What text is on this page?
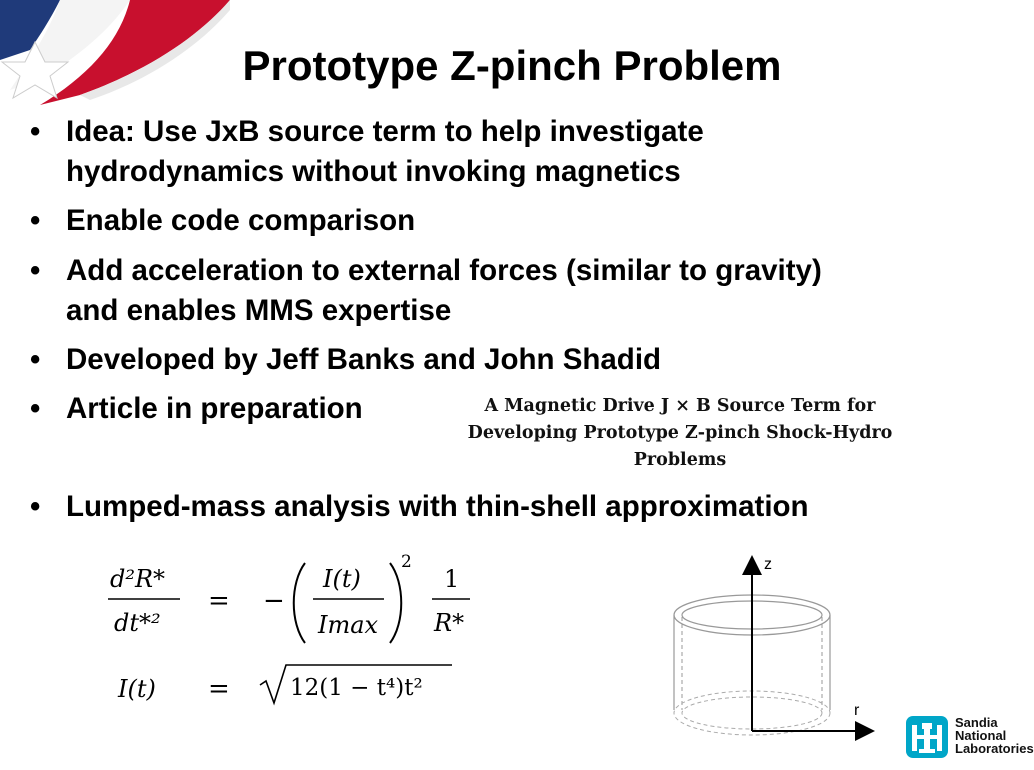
Prototype Z-pinch Problem
• Idea: Use JxB source term to help investigate
hydrodynamics without invoking magnetics
• Enable code comparison
• Add acceleration to external forces (similar to gravity)
and enables MMS expertise
• Developed by Jeff Banks and John Shadid
• Article in preparation
• Lumped-mass analysis with thin-shell approximation
A Magnetic Drive J × B Source Term for
Developing Prototype Z-pinch Shock-Hydro
Problems
d²R*
dt*²
= −
I(t)
Imax
2
1
R*
I(t) =	12(1 − t⁴)t²
z
r
Sandia
National
Laboratories
